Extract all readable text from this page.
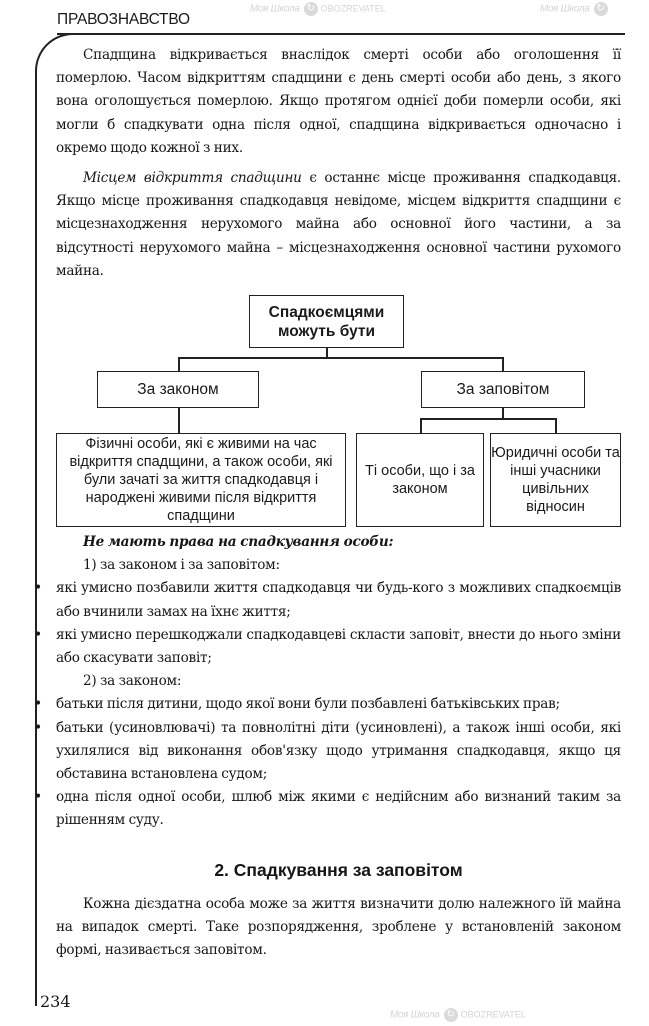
Моя Школа ↻
Моя Школа ↻ OBOZREVATEL
Моя Школа ↻ OBOZREVATEL
ПРАВОЗНАВСТВО

Спадщина відкривається внаслідок смерті особи або оголошення її померлою. Часом відкриттям спадщини є день смерті особи або день, з якого вона оголошується померлою. Якщо протягом однієї доби померли особи, які могли б спадкувати одна після одної, спадщина відкривається одночасно і окремо щодо кожної з них.

Місцем відкриття спадщини є останнє місце проживання спадкодавця. Якщо місце проживання спадкодавця невідоме, місцем відкриття спадщини є місцезнаходження нерухомого майна або основної його частини, а за відсутності нерухомого майна – місцезнаходження основної частини рухомого майна.

Спадкоємцями можуть бути
За законом	За заповітом
Фізичні особи, які є живими на час відкриття спадщини, а також особи, які були зачаті за життя спадкодавця і народжені живими після відкриття спадщини
Ті особи, що і за законом
Юридичні особи та інші учасники цивільних відносин
Не мають права на спадкування особи:
1) за законом і за заповітом:
•	які умисно позбавили життя спадкодавця чи будь-кого з можливих спадкоємців або вчинили замах на їхнє життя;
•	які умисно перешкоджали спадкодавцеві скласти заповіт, внести до нього зміни або скасувати заповіт;
2) за законом:
•	батьки після дитини, щодо якої вони були позбавлені батьківських прав;
•	батьки (усиновлювачі) та повнолітні діти (усиновлені), а також інші особи, які ухилялися від виконання обов'язку щодо утримання спадкодавця, якщо ця обставина встановлена судом;
•	одна після одної особи, шлюб між якими є недійсним або визнаний таким за рішенням суду.
2. Спадкування за заповітом

Кожна дієздатна особа може за життя визначити долю належного їй майна на випадок смерті. Таке розпорядження, зроблене у встановленій законом формі, називається заповітом.

234
